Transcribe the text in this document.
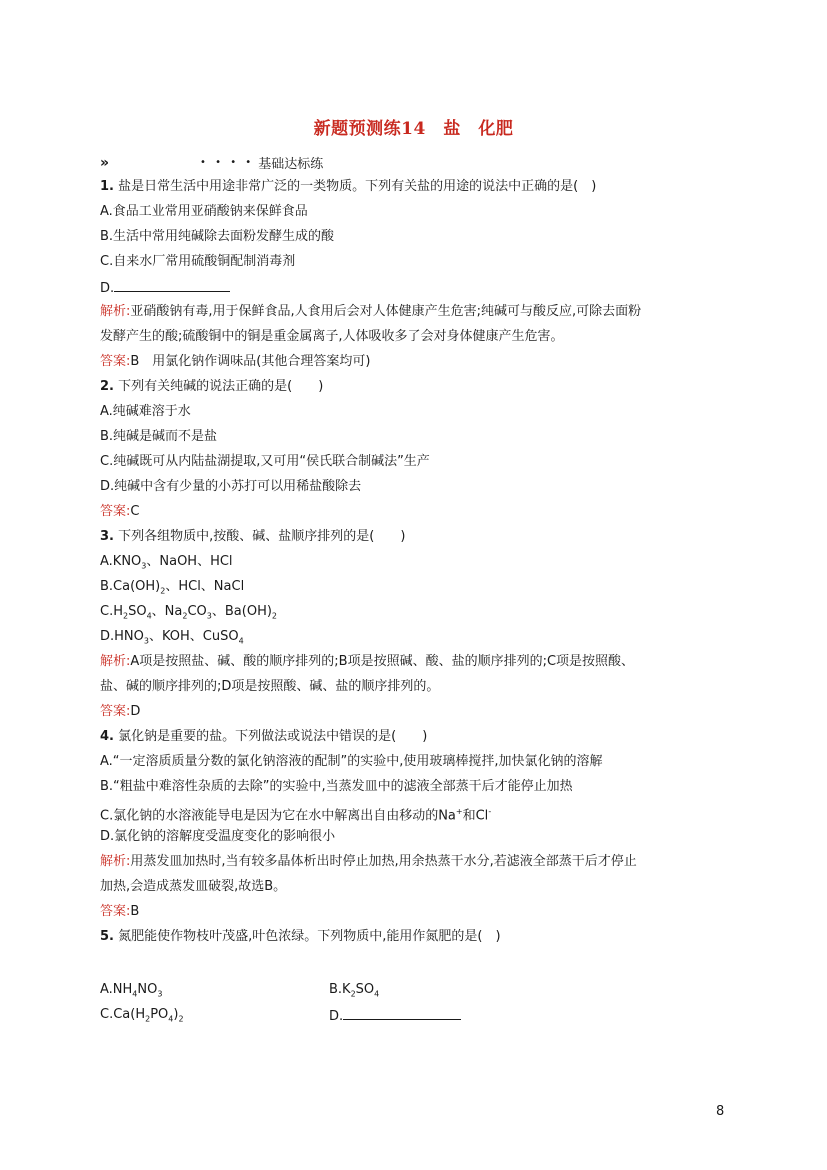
新题预测练14　盐　化肥
»	• • • • 基础达标练
1. 盐是日常生活中用途非常广泛的一类物质。下列有关盐的用途的说法中正确的是(　)
A.食品工业常用亚硝酸钠来保鲜食品
B.生活中常用纯碱除去面粉发酵生成的酸
C.自来水厂常用硫酸铜配制消毒剂
D.
解析:亚硝酸钠有毒,用于保鲜食品,人食用后会对人体健康产生危害;纯碱可与酸反应,可除去面粉
发酵产生的酸;硫酸铜中的铜是重金属离子,人体吸收多了会对身体健康产生危害。
答案:B　用氯化钠作调味品(其他合理答案均可)
2. 下列有关纯碱的说法正确的是(　　)
A.纯碱难溶于水
B.纯碱是碱而不是盐
C.纯碱既可从内陆盐湖提取,又可用“侯氏联合制碱法”生产
D.纯碱中含有少量的小苏打可以用稀盐酸除去
答案:C
3. 下列各组物质中,按酸、碱、盐顺序排列的是(　　)
$A.KNO_3$、NaOH、HCl
$B.Ca(OH)_2$、HCl、NaCl
$C.H_2SO_4$、$Na_2CO_3$、$Ba(OH)_2$
$D.HNO_3$、KOH、CuSO$_4$
解析:A项是按照盐、碱、酸的顺序排列的;B项是按照碱、酸、盐的顺序排列的;C项是按照酸、
盐、碱的顺序排列的;D项是按照酸、碱、盐的顺序排列的。
答案:D
4. 氯化钠是重要的盐。下列做法或说法中错误的是(　　)
A.“一定溶质质量分数的氯化钠溶液的配制”的实验中,使用玻璃棒搅拌,加快氯化钠的溶解
B.“粗盐中难溶性杂质的去除”的实验中,当蒸发皿中的滤液全部蒸干后才能停止加热
C.氯化钠的水溶液能导电是因为它在水中解离出自由移动的Na+和Cl-
D.氯化钠的溶解度受温度变化的影响很小
解析:用蒸发皿加热时,当有较多晶体析出时停止加热,用余热蒸干水分,若滤液全部蒸干后才停止
加热,会造成蒸发皿破裂,故选B。
答案:B
5. 氮肥能使作物枝叶茂盛,叶色浓绿。下列物质中,能用作氮肥的是(　)
$A.NH_4NO_3$	$B.K_2SO_4$
$C.Ca(H_2PO_4)_2$	D.
8
